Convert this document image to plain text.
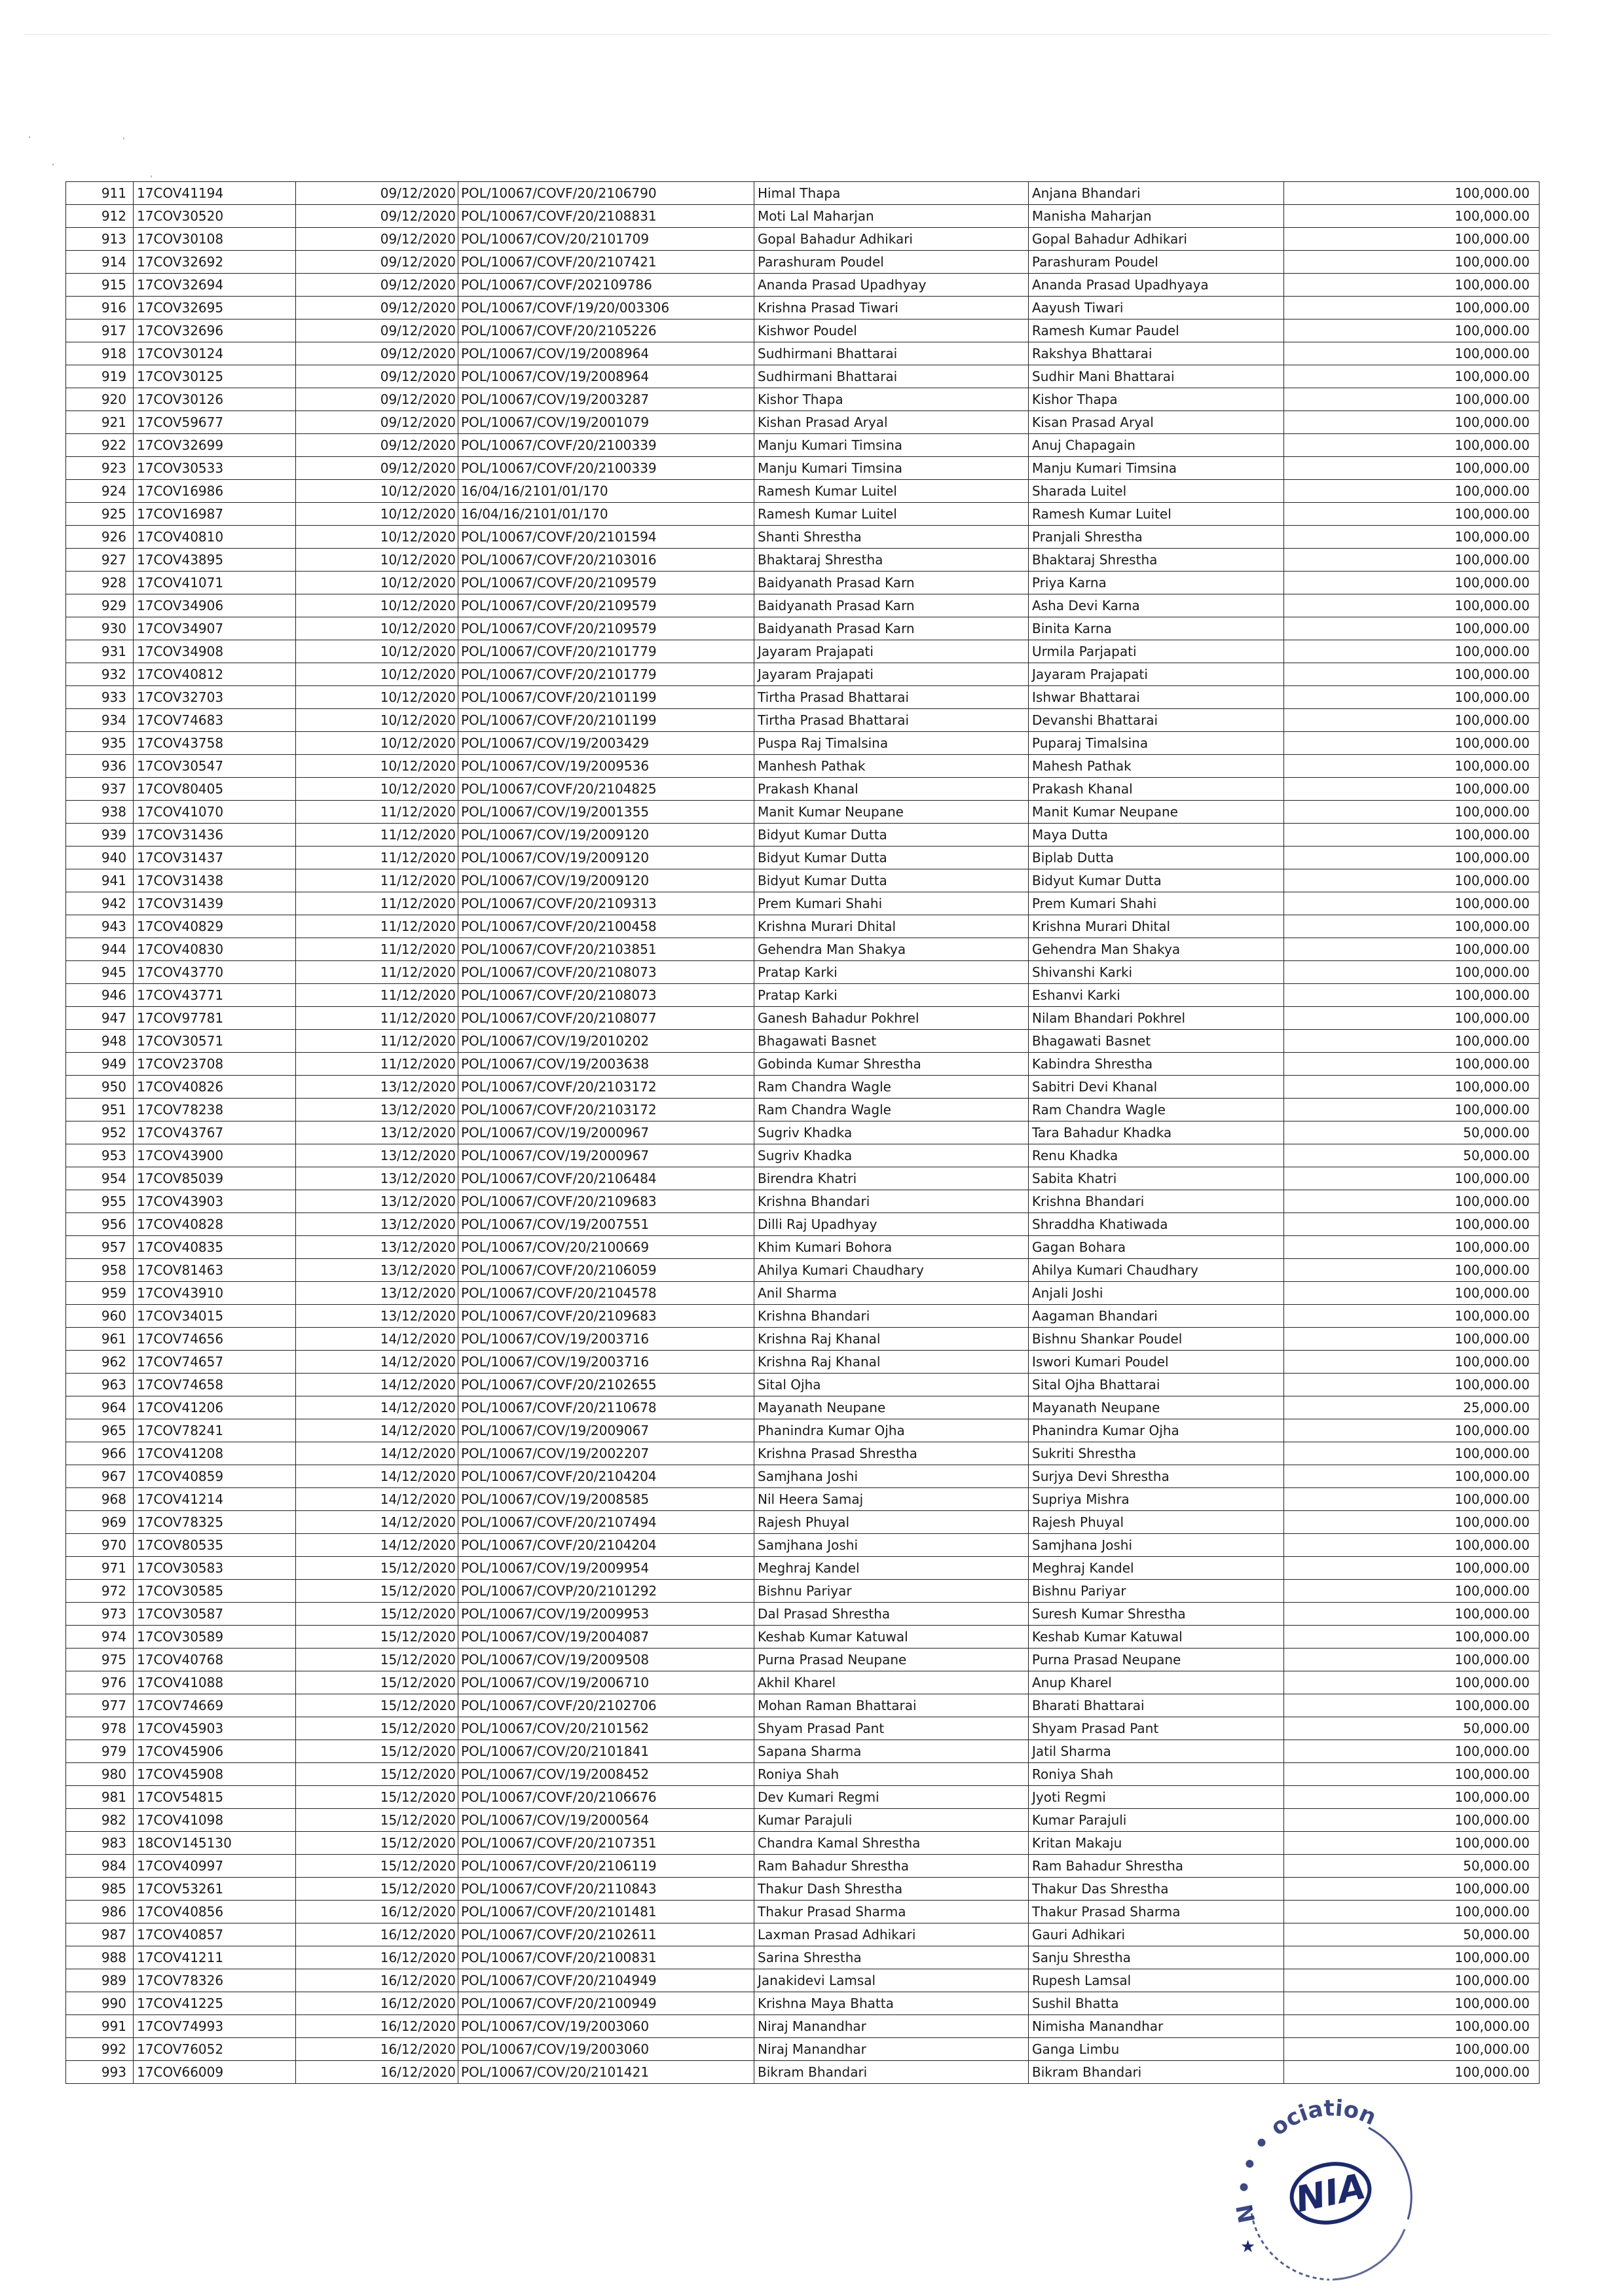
911	17COV41194	09/12/2020	POL/10067/COVF/20/2106790	Himal Thapa	Anjana Bhandari	100,000.00
912	17COV30520	09/12/2020	POL/10067/COVF/20/2108831	Moti Lal Maharjan	Manisha Maharjan	100,000.00
913	17COV30108	09/12/2020	POL/10067/COV/20/2101709	Gopal Bahadur Adhikari	Gopal Bahadur Adhikari	100,000.00
914	17COV32692	09/12/2020	POL/10067/COVF/20/2107421	Parashuram Poudel	Parashuram Poudel	100,000.00
915	17COV32694	09/12/2020	POL/10067/COVF/202109786	Ananda Prasad Upadhyay	Ananda Prasad Upadhyaya	100,000.00
916	17COV32695	09/12/2020	POL/10067/COVF/19/20/003306	Krishna Prasad Tiwari	Aayush Tiwari	100,000.00
917	17COV32696	09/12/2020	POL/10067/COVF/20/2105226	Kishwor Poudel	Ramesh Kumar Paudel	100,000.00
918	17COV30124	09/12/2020	POL/10067/COV/19/2008964	Sudhirmani Bhattarai	Rakshya Bhattarai	100,000.00
919	17COV30125	09/12/2020	POL/10067/COV/19/2008964	Sudhirmani Bhattarai	Sudhir Mani Bhattarai	100,000.00
920	17COV30126	09/12/2020	POL/10067/COV/19/2003287	Kishor Thapa	Kishor Thapa	100,000.00
921	17COV59677	09/12/2020	POL/10067/COV/19/2001079	Kishan Prasad Aryal	Kisan Prasad Aryal	100,000.00
922	17COV32699	09/12/2020	POL/10067/COVF/20/2100339	Manju Kumari Timsina	Anuj Chapagain	100,000.00
923	17COV30533	09/12/2020	POL/10067/COVF/20/2100339	Manju Kumari Timsina	Manju Kumari Timsina	100,000.00
924	17COV16986	10/12/2020	16/04/16/2101/01/170	Ramesh Kumar Luitel	Sharada Luitel	100,000.00
925	17COV16987	10/12/2020	16/04/16/2101/01/170	Ramesh Kumar Luitel	Ramesh Kumar Luitel	100,000.00
926	17COV40810	10/12/2020	POL/10067/COVF/20/2101594	Shanti Shrestha	Pranjali Shrestha	100,000.00
927	17COV43895	10/12/2020	POL/10067/COVF/20/2103016	Bhaktaraj Shrestha	Bhaktaraj Shrestha	100,000.00
928	17COV41071	10/12/2020	POL/10067/COVF/20/2109579	Baidyanath Prasad Karn	Priya Karna	100,000.00
929	17COV34906	10/12/2020	POL/10067/COVF/20/2109579	Baidyanath Prasad Karn	Asha Devi Karna	100,000.00
930	17COV34907	10/12/2020	POL/10067/COVF/20/2109579	Baidyanath Prasad Karn	Binita Karna	100,000.00
931	17COV34908	10/12/2020	POL/10067/COVF/20/2101779	Jayaram Prajapati	Urmila Parjapati	100,000.00
932	17COV40812	10/12/2020	POL/10067/COVF/20/2101779	Jayaram Prajapati	Jayaram Prajapati	100,000.00
933	17COV32703	10/12/2020	POL/10067/COVF/20/2101199	Tirtha Prasad Bhattarai	Ishwar Bhattarai	100,000.00
934	17COV74683	10/12/2020	POL/10067/COVF/20/2101199	Tirtha Prasad Bhattarai	Devanshi Bhattarai	100,000.00
935	17COV43758	10/12/2020	POL/10067/COV/19/2003429	Puspa Raj Timalsina	Puparaj Timalsina	100,000.00
936	17COV30547	10/12/2020	POL/10067/COV/19/2009536	Manhesh Pathak	Mahesh Pathak	100,000.00
937	17COV80405	10/12/2020	POL/10067/COVF/20/2104825	Prakash Khanal	Prakash Khanal	100,000.00
938	17COV41070	11/12/2020	POL/10067/COV/19/2001355	Manit Kumar Neupane	Manit Kumar Neupane	100,000.00
939	17COV31436	11/12/2020	POL/10067/COV/19/2009120	Bidyut Kumar Dutta	Maya Dutta	100,000.00
940	17COV31437	11/12/2020	POL/10067/COV/19/2009120	Bidyut Kumar Dutta	Biplab Dutta	100,000.00
941	17COV31438	11/12/2020	POL/10067/COV/19/2009120	Bidyut Kumar Dutta	Bidyut Kumar Dutta	100,000.00
942	17COV31439	11/12/2020	POL/10067/COVF/20/2109313	Prem Kumari Shahi	Prem Kumari Shahi	100,000.00
943	17COV40829	11/12/2020	POL/10067/COVF/20/2100458	Krishna Murari Dhital	Krishna Murari Dhital	100,000.00
944	17COV40830	11/12/2020	POL/10067/COVF/20/2103851	Gehendra Man Shakya	Gehendra Man Shakya	100,000.00
945	17COV43770	11/12/2020	POL/10067/COVF/20/2108073	Pratap Karki	Shivanshi Karki	100,000.00
946	17COV43771	11/12/2020	POL/10067/COVF/20/2108073	Pratap Karki	Eshanvi Karki	100,000.00
947	17COV97781	11/12/2020	POL/10067/COVF/20/2108077	Ganesh Bahadur Pokhrel	Nilam Bhandari Pokhrel	100,000.00
948	17COV30571	11/12/2020	POL/10067/COV/19/2010202	Bhagawati Basnet	Bhagawati Basnet	100,000.00
949	17COV23708	11/12/2020	POL/10067/COV/19/2003638	Gobinda Kumar Shrestha	Kabindra Shrestha	100,000.00
950	17COV40826	13/12/2020	POL/10067/COVF/20/2103172	Ram Chandra Wagle	Sabitri Devi Khanal	100,000.00
951	17COV78238	13/12/2020	POL/10067/COVF/20/2103172	Ram Chandra Wagle	Ram Chandra Wagle	100,000.00
952	17COV43767	13/12/2020	POL/10067/COV/19/2000967	Sugriv Khadka	Tara Bahadur Khadka	50,000.00
953	17COV43900	13/12/2020	POL/10067/COV/19/2000967	Sugriv Khadka	Renu Khadka	50,000.00
954	17COV85039	13/12/2020	POL/10067/COVF/20/2106484	Birendra Khatri	Sabita Khatri	100,000.00
955	17COV43903	13/12/2020	POL/10067/COVF/20/2109683	Krishna Bhandari	Krishna Bhandari	100,000.00
956	17COV40828	13/12/2020	POL/10067/COV/19/2007551	Dilli Raj Upadhyay	Shraddha Khatiwada	100,000.00
957	17COV40835	13/12/2020	POL/10067/COV/20/2100669	Khim Kumari Bohora	Gagan Bohara	100,000.00
958	17COV81463	13/12/2020	POL/10067/COVF/20/2106059	Ahilya Kumari Chaudhary	Ahilya Kumari Chaudhary	100,000.00
959	17COV43910	13/12/2020	POL/10067/COVF/20/2104578	Anil Sharma	Anjali Joshi	100,000.00
960	17COV34015	13/12/2020	POL/10067/COVF/20/2109683	Krishna Bhandari	Aagaman Bhandari	100,000.00
961	17COV74656	14/12/2020	POL/10067/COV/19/2003716	Krishna Raj Khanal	Bishnu Shankar Poudel	100,000.00
962	17COV74657	14/12/2020	POL/10067/COV/19/2003716	Krishna Raj Khanal	Iswori Kumari Poudel	100,000.00
963	17COV74658	14/12/2020	POL/10067/COVF/20/2102655	Sital Ojha	Sital Ojha Bhattarai	100,000.00
964	17COV41206	14/12/2020	POL/10067/COVF/20/2110678	Mayanath Neupane	Mayanath Neupane	25,000.00
965	17COV78241	14/12/2020	POL/10067/COV/19/2009067	Phanindra Kumar Ojha	Phanindra Kumar Ojha	100,000.00
966	17COV41208	14/12/2020	POL/10067/COV/19/2002207	Krishna Prasad Shrestha	Sukriti Shrestha	100,000.00
967	17COV40859	14/12/2020	POL/10067/COVF/20/2104204	Samjhana Joshi	Surjya Devi Shrestha	100,000.00
968	17COV41214	14/12/2020	POL/10067/COV/19/2008585	Nil Heera Samaj	Supriya Mishra	100,000.00
969	17COV78325	14/12/2020	POL/10067/COVF/20/2107494	Rajesh Phuyal	Rajesh Phuyal	100,000.00
970	17COV80535	14/12/2020	POL/10067/COVF/20/2104204	Samjhana Joshi	Samjhana Joshi	100,000.00
971	17COV30583	15/12/2020	POL/10067/COV/19/2009954	Meghraj Kandel	Meghraj Kandel	100,000.00
972	17COV30585	15/12/2020	POL/10067/COVP/20/2101292	Bishnu Pariyar	Bishnu Pariyar	100,000.00
973	17COV30587	15/12/2020	POL/10067/COV/19/2009953	Dal Prasad Shrestha	Suresh Kumar Shrestha	100,000.00
974	17COV30589	15/12/2020	POL/10067/COV/19/2004087	Keshab Kumar Katuwal	Keshab Kumar Katuwal	100,000.00
975	17COV40768	15/12/2020	POL/10067/COV/19/2009508	Purna Prasad Neupane	Purna Prasad Neupane	100,000.00
976	17COV41088	15/12/2020	POL/10067/COV/19/2006710	Akhil Kharel	Anup Kharel	100,000.00
977	17COV74669	15/12/2020	POL/10067/COVF/20/2102706	Mohan Raman Bhattarai	Bharati Bhattarai	100,000.00
978	17COV45903	15/12/2020	POL/10067/COV/20/2101562	Shyam Prasad Pant	Shyam Prasad Pant	50,000.00
979	17COV45906	15/12/2020	POL/10067/COV/20/2101841	Sapana Sharma	Jatil Sharma	100,000.00
980	17COV45908	15/12/2020	POL/10067/COV/19/2008452	Roniya Shah	Roniya Shah	100,000.00
981	17COV54815	15/12/2020	POL/10067/COVF/20/2106676	Dev Kumari Regmi	Jyoti Regmi	100,000.00
982	17COV41098	15/12/2020	POL/10067/COV/19/2000564	Kumar Parajuli	Kumar Parajuli	100,000.00
983	18COV145130	15/12/2020	POL/10067/COVF/20/2107351	Chandra Kamal Shrestha	Kritan Makaju	100,000.00
984	17COV40997	15/12/2020	POL/10067/COVF/20/2106119	Ram Bahadur Shrestha	Ram Bahadur Shrestha	50,000.00
985	17COV53261	15/12/2020	POL/10067/COVF/20/2110843	Thakur Dash Shrestha	Thakur Das Shrestha	100,000.00
986	17COV40856	16/12/2020	POL/10067/COVF/20/2101481	Thakur Prasad Sharma	Thakur Prasad Sharma	100,000.00
987	17COV40857	16/12/2020	POL/10067/COVF/20/2102611	Laxman Prasad Adhikari	Gauri Adhikari	50,000.00
988	17COV41211	16/12/2020	POL/10067/COVF/20/2100831	Sarina Shrestha	Sanju Shrestha	100,000.00
989	17COV78326	16/12/2020	POL/10067/COVF/20/2104949	Janakidevi Lamsal	Rupesh Lamsal	100,000.00
990	17COV41225	16/12/2020	POL/10067/COVF/20/2100949	Krishna Maya Bhatta	Sushil Bhatta	100,000.00
991	17COV74993	16/12/2020	POL/10067/COV/19/2003060	Niraj Manandhar	Nimisha Manandhar	100,000.00
992	17COV76052	16/12/2020	POL/10067/COV/19/2003060	Niraj Manandhar	Ganga Limbu	100,000.00
993	17COV66009	16/12/2020	POL/10067/COV/20/2101421	Bikram Bhandari	Bikram Bhandari	100,000.00
NIA
N • • • ociation
★
